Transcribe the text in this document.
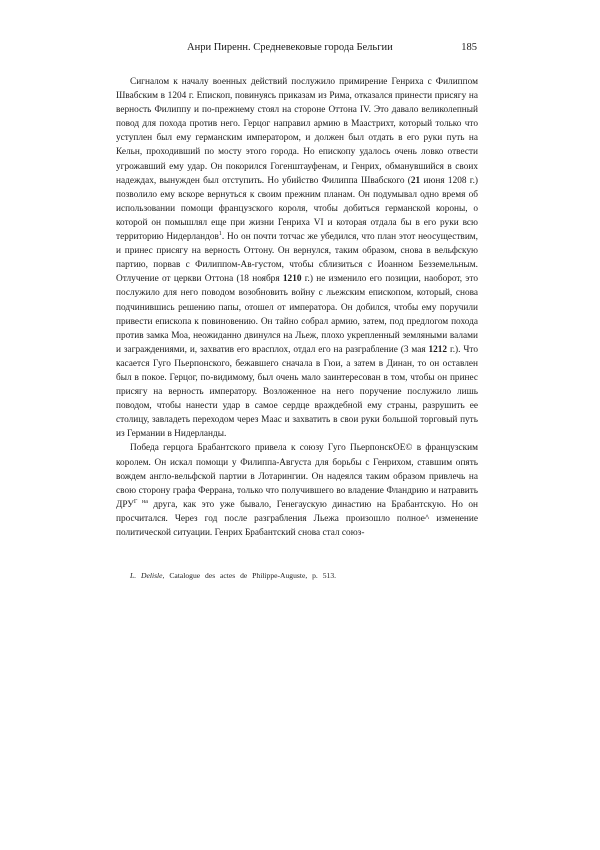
Анри Пиренн. Средневековые города Бельгии	185

Сигналом к началу военных действий послужило примирение Генриха с Филиппом Швабским в 1204 г. Епископ, повинуясь приказам из Рима, отказался принести присягу на верность Филиппу и по-прежнему стоял на стороне Оттона IV. Это давало великолепный повод для похода против него. Герцог направил армию в Маастрихт, который только что уступлен был ему германским императором, и должен был отдать в его руки путь на Кельн, проходивший по мосту этого города. Но епископу удалось очень ловко отвести угрожавший ему удар. Он покорился Гогенштауфенам, и Генрих, обманувшийся в своих надеждах, вынужден был отступить. Но убийство Филиппа Швабского (21 июня 1208 г.) позволило ему вскоре вернуться к своим прежним планам. Он подумывал одно время об использовании помощи французского короля, чтобы добиться германской короны, о которой он помышлял еще при жизни Генриха VI и которая отдала бы в его руки всю территорию Нидерландов$^1$. Но он почти тотчас же убедился, что план этот неосуществим, и принес присягу на верность Оттону. Он вернулся, таким образом, снова в вельфскую партию, порвав с Филиппом-Ав-густом, чтобы сблизиться с Иоанном Безземельным. Отлучение от церкви Оттона (18 ноября 1210 г.) не изменило его позиции, наоборот, это послужило для него поводом возобновить войну с льежским епископом, который, снова подчинившись решению папы, отошел от императора. Он добился, чтобы ему поручили привести епископа к повиновению. Он тайно собрал армию, затем, под предлогом похода против замка Моа, неожиданно двинулся на Льеж, плохо укрепленный земляными валами и заграждениями, и, захватив его врасплох, отдал его на разграбление (3 мая 1212 г.). Что касается Гуго Пьерпонского, бежавшего сначала в Гюи, а затем в Динан, то он оставлен был в покое. Герцог, по-видимому, был очень мало заинтересован в том, чтобы он принес присягу на верность императору. Возложенное на него поручение послужило лишь поводом, чтобы нанести удар в самое сердце враждебной ему страны, разрушить ее столицу, завладеть переходом через Маас и захватить в свои руки большой торговый путь из Германии в Нидерланды.

Победа герцога Брабантского привела к союзу Гуго ПьерпонскОЕ© в французским королем. Он искал помощи у Филиппа-Августа для борьбы с Генрихом, ставшим опять вождем англо-вельфской партии в Лотарингии. Он надеялся таким образом привлечь на свою сторону графа Феррана, только что получившего во владение Фландрию и натравить ДРУ$^{Г на}$ друга, как это уже бывало, Генегаускую династию на Брабантскую. Но он просчитался. Через год после разграбления Льежа произошло полное^ изменение политической ситуации. Генрих Брабантский снова стал союз-

L. Delisle, Catalogue des actes de Philippe-Auguste, p. 513.
